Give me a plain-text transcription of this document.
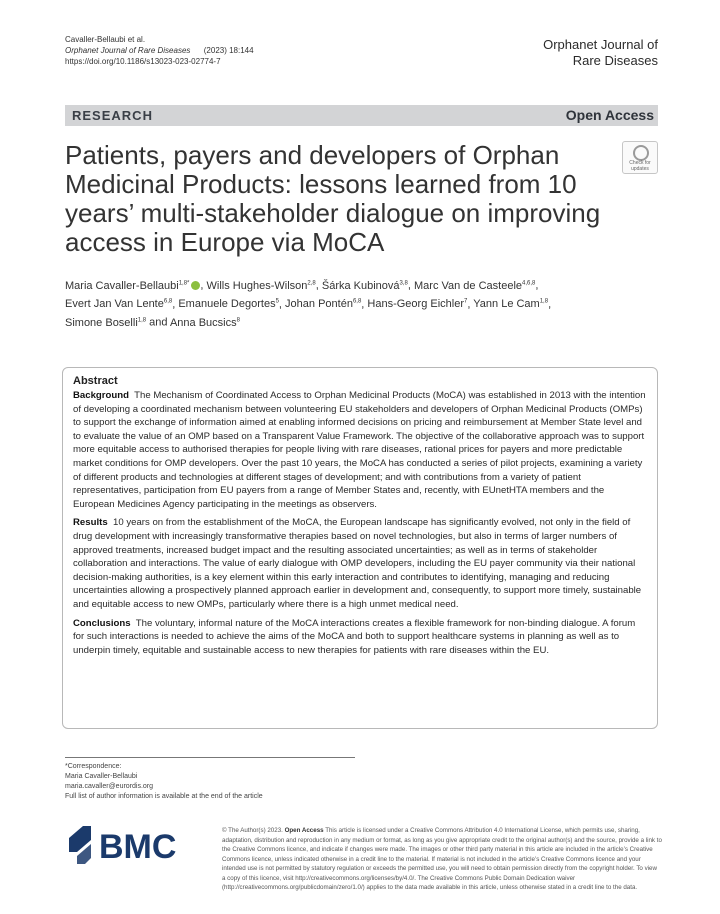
Cavaller-Bellaubi et al.
Orphanet Journal of Rare Diseases (2023) 18:144
https://doi.org/10.1186/s13023-023-02774-7
Orphanet Journal of
Rare Diseases
RESEARCH	Open Access
Check for
updates
Patients, payers and developers of Orphan Medicinal Products: lessons learned from 10 years’ multi-stakeholder dialogue on improving access in Europe via MoCA
Maria Cavaller-Bellaubi$^{1,8*}$ , Wills Hughes-Wilson$^{2,8}$, Šárka Kubinová$^{3,8}$, Marc Van de Casteele$^{4,6,8}$,
Evert Jan Van Lente$^{6,8}$, Emanuele Degortes$^5$, Johan Pontén$^{6,8}$, Hans-Georg Eichler$^7$, Yann Le Cam$^{1,8}$,
Simone Boselli$^{1,8}$ and Anna Bucsics$^8$
Abstract

Background The Mechanism of Coordinated Access to Orphan Medicinal Products (MoCA) was established in 2013 with the intention of developing a coordinated mechanism between volunteering EU stakeholders and developers of Orphan Medicinal Products (OMPs) to support the exchange of information aimed at enabling informed decisions on pricing and reimbursement at Member State level and to evaluate the value of an OMP based on a Transparent Value Framework. The objective of the collaborative approach was to support more equitable access to authorised therapies for people living with rare diseases, rational prices for payers and more predictable market conditions for OMP developers. Over the past 10 years, the MoCA has conducted a series of pilot projects, examining a variety of different products and technologies at different stages of development; and with contributions from a variety of patient representatives, participation from EU payers from a range of Member States and, recently, with EUnetHTA members and the European Medicines Agency participating in the meetings as observers.

Results 10 years on from the establishment of the MoCA, the European landscape has significantly evolved, not only in the field of drug development with increasingly transformative therapies based on novel technologies, but also in terms of larger numbers of approved treatments, increased budget impact and the resulting associated uncertainties; as well as in terms of stakeholder collaboration and interactions. The value of early dialogue with OMP developers, including the EU payer community via their national decision-making authorities, is a key element within this early interaction and contributes to identifying, managing and reducing uncertainties allowing a prospectively planned approach earlier in development and, consequently, to support more timely, sustainable and equitable access to new OMPs, particularly where there is a high unmet medical need.

Conclusions The voluntary, informal nature of the MoCA interactions creates a flexible framework for non-binding dialogue. A forum for such interactions is needed to achieve the aims of the MoCA and both to support healthcare systems in planning as well as to underpin timely, equitable and sustainable access to new therapies for patients with rare diseases within the EU.

*Correspondence:
Maria Cavaller-Bellaubi
maria.cavaller@eurordis.org
Full list of author information is available at the end of the article
BMC	© The Author(s) 2023. Open Access This article is licensed under a Creative Commons Attribution 4.0 International License, which permits use, sharing, adaptation, distribution and reproduction in any medium or format, as long as you give appropriate credit to the original author(s) and the source, provide a link to the Creative Commons licence, and indicate if changes were made. The images or other third party material in this article are included in the article’s Creative Commons licence, unless indicated otherwise in a credit line to the material. If material is not included in the article’s Creative Commons licence and your intended use is not permitted by statutory regulation or exceeds the permitted use, you will need to obtain permission directly from the copyright holder. To view a copy of this licence, visit http://creativecommons.org/licenses/by/4.0/. The Creative Commons Public Domain Dedication waiver (http://creativecommons.org/publicdomain/zero/1.0/) applies to the data made available in this article, unless otherwise stated in a credit line to the data.
